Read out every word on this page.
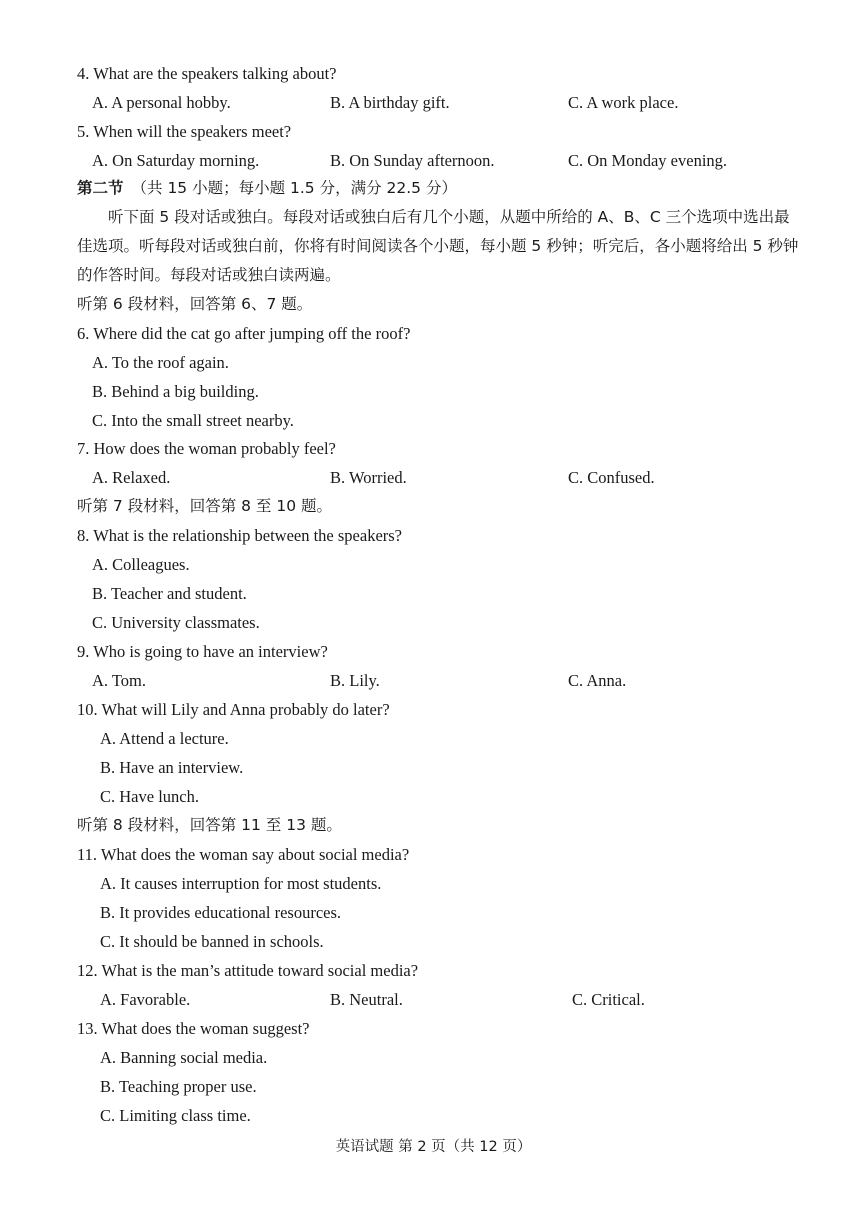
4. What are the speakers talking about?
A. A personal hobby.	B. A birthday gift.	C. A work place.
5. When will the speakers meet?
A. On Saturday morning.	B. On Sunday afternoon.	C. On Monday evening.
第二节 （共 15 小题；每小题 1.5 分，满分 22.5 分）
听下面 5 段对话或独白。每段对话或独白后有几个小题，从题中所给的 A、B、C 三个选项中选出最佳选项。听每段对话或独白前，你将有时间阅读各个小题，每小题 5 秒钟；听完后，各小题将给出 5 秒钟的作答时间。每段对话或独白读两遍。
听第 6 段材料，回答第 6、7 题。
6. Where did the cat go after jumping off the roof?
A. To the roof again.
B. Behind a big building.
C. Into the small street nearby.
7. How does the woman probably feel?
A. Relaxed.	B. Worried.	C. Confused.
听第 7 段材料，回答第 8 至 10 题。
8. What is the relationship between the speakers?
A. Colleagues.
B. Teacher and student.
C. University classmates.
9. Who is going to have an interview?
A. Tom.	B. Lily.	C. Anna.
10. What will Lily and Anna probably do later?
A. Attend a lecture.
B. Have an interview.
C. Have lunch.
听第 8 段材料，回答第 11 至 13 题。
11. What does the woman say about social media?
A. It causes interruption for most students.
B. It provides educational resources.
C. It should be banned in schools.
12. What is the man’s attitude toward social media?
A. Favorable.	B. Neutral.	C. Critical.
13. What does the woman suggest?
A. Banning social media.
B. Teaching proper use.
C. Limiting class time.
英语试题 第 2 页（共 12 页）
